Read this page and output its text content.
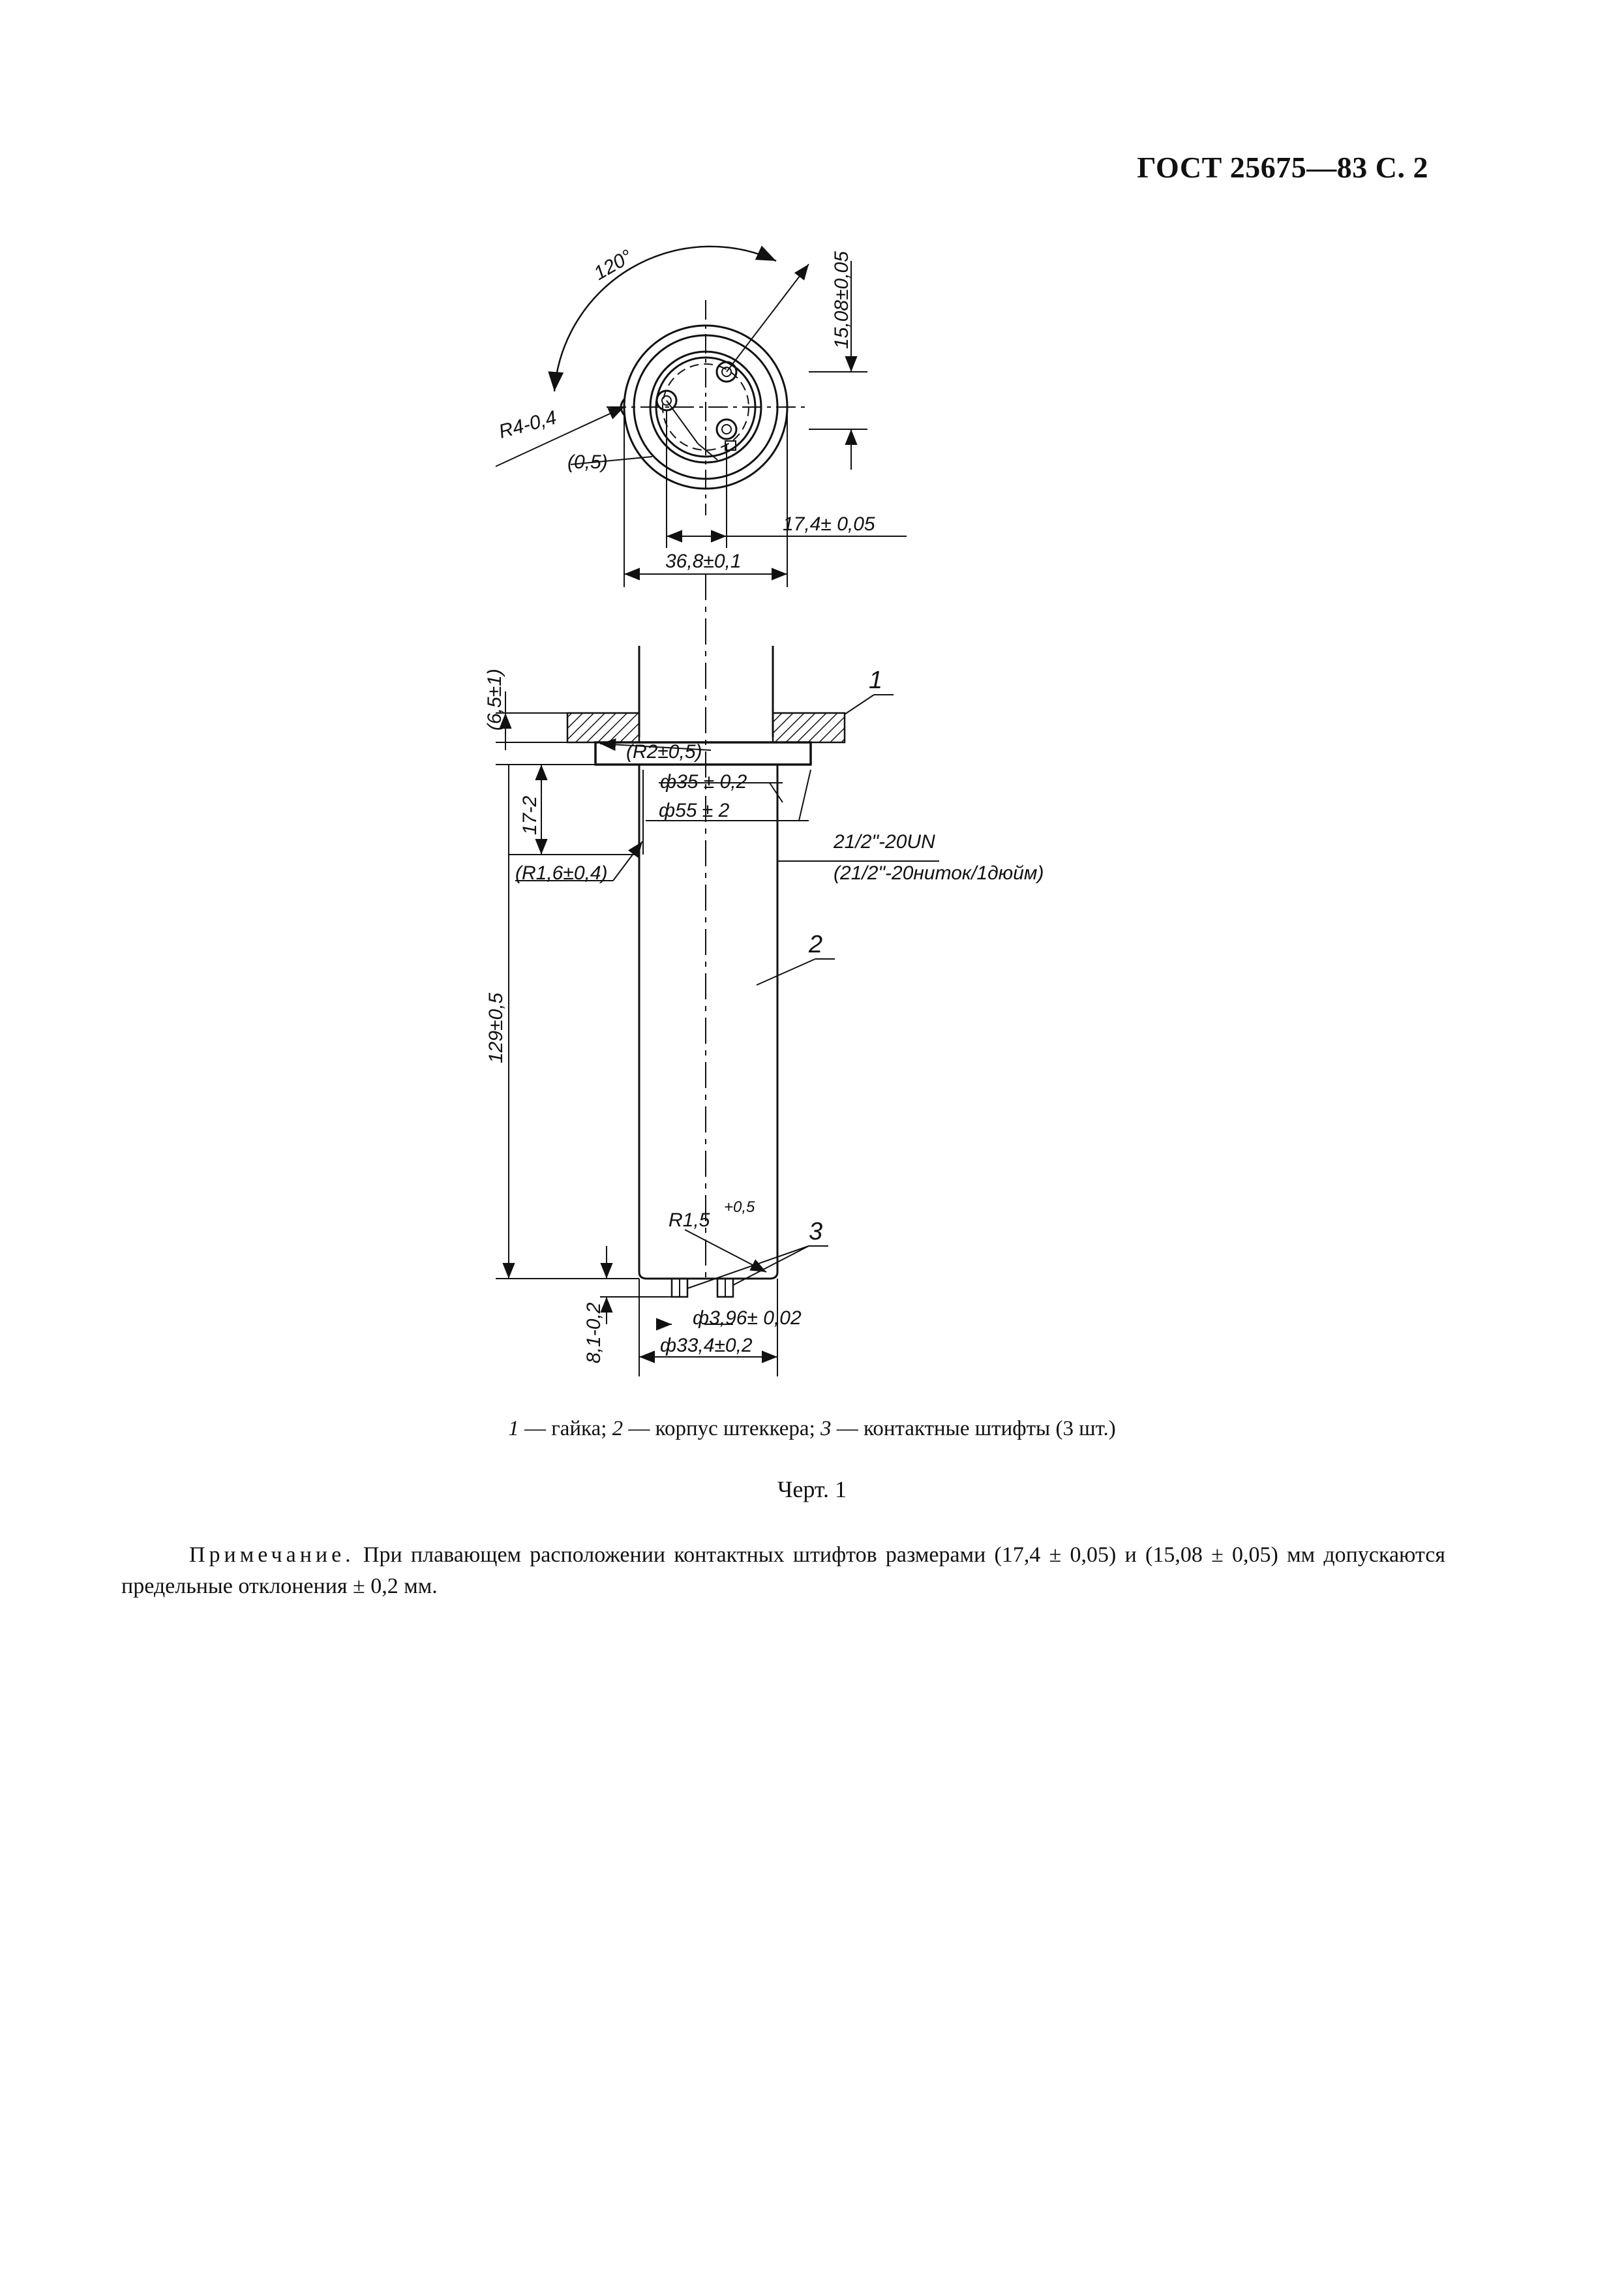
ГОСТ 25675—83 С. 2
120°	15,08±0,05
R4-0,4
(0,5)
17,4± 0,05
36,8±0,1
(6,5±1)
(R2±0,5)
ф35 ± 0,2
ф55 ± 2
17-2
(R1,6±0,4)
21/2"-20UN
(21/2"-20ниток/1дюйм)
129±0,5
R1,5
+0,5
8,1-0,2	ф3,96± 0,02
ф33,4±0,2
1
2
3
1 — гайка; 2 — корпус штеккера; 3 — контактные штифты (3 шт.)
Черт. 1
Примечание. При плавающем расположении контактных штифтов размерами (17,4 ± 0,05) и (15,08 ± 0,05) мм допускаются предельные отклонения ± 0,2 мм.
